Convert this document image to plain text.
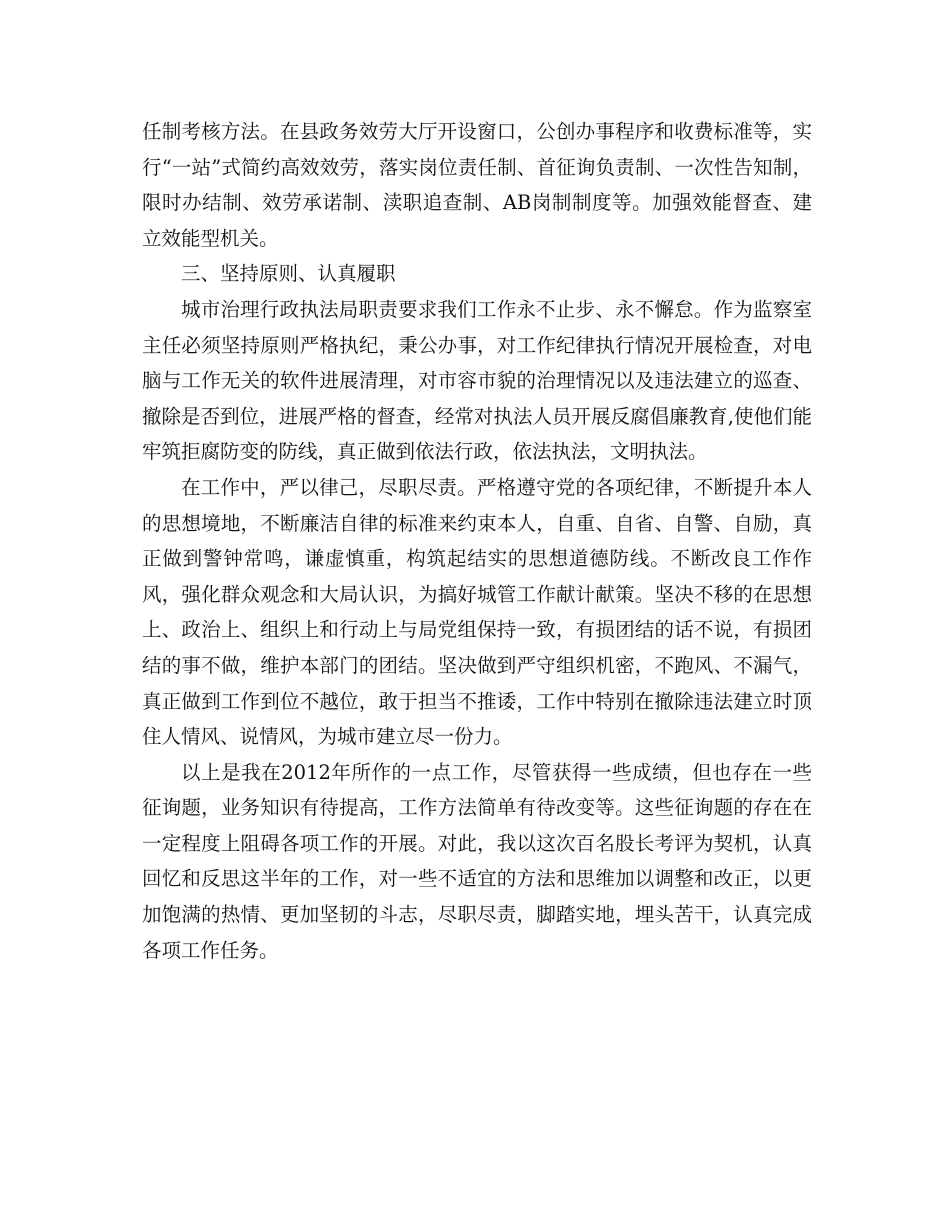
任制考核方法。在县政务效劳大厅开设窗口，公创办事程序和收费标准等，实行“一站”式简约高效效劳，落实岗位责任制、首征询负责制、一次性告知制，限时办结制、效劳承诺制、渎职追查制、AB岗制制度等。加强效能督查、建立效能型机关。

三、坚持原则、认真履职

城市治理行政执法局职责要求我们工作永不止步、永不懈怠。作为监察室主任必须坚持原则严格执纪，秉公办事，对工作纪律执行情况开展检查，对电脑与工作无关的软件进展清理，对市容市貌的治理情况以及违法建立的巡查、撤除是否到位，进展严格的督查，经常对执法人员开展反腐倡廉教育,使他们能牢筑拒腐防变的防线，真正做到依法行政，依法执法，文明执法。

在工作中，严以律己，尽职尽责。严格遵守党的各项纪律，不断提升本人的思想境地，不断廉洁自律的标准来约束本人，自重、自省、自警、自励，真正做到警钟常鸣，谦虚慎重，构筑起结实的思想道德防线。不断改良工作作风，强化群众观念和大局认识，为搞好城管工作献计献策。坚决不移的在思想上、政治上、组织上和行动上与局党组保持一致，有损团结的话不说，有损团结的事不做，维护本部门的团结。坚决做到严守组织机密，不跑风、不漏气，真正做到工作到位不越位，敢于担当不推诿，工作中特别在撤除违法建立时顶住人情风、说情风，为城市建立尽一份力。

以上是我在2012年所作的一点工作，尽管获得一些成绩，但也存在一些征询题，业务知识有待提高，工作方法简单有待改变等。这些征询题的存在在一定程度上阻碍各项工作的开展。对此，我以这次百名股长考评为契机，认真回忆和反思这半年的工作，对一些不适宜的方法和思维加以调整和改正，以更加饱满的热情、更加坚韧的斗志，尽职尽责，脚踏实地，埋头苦干，认真完成各项工作任务。
